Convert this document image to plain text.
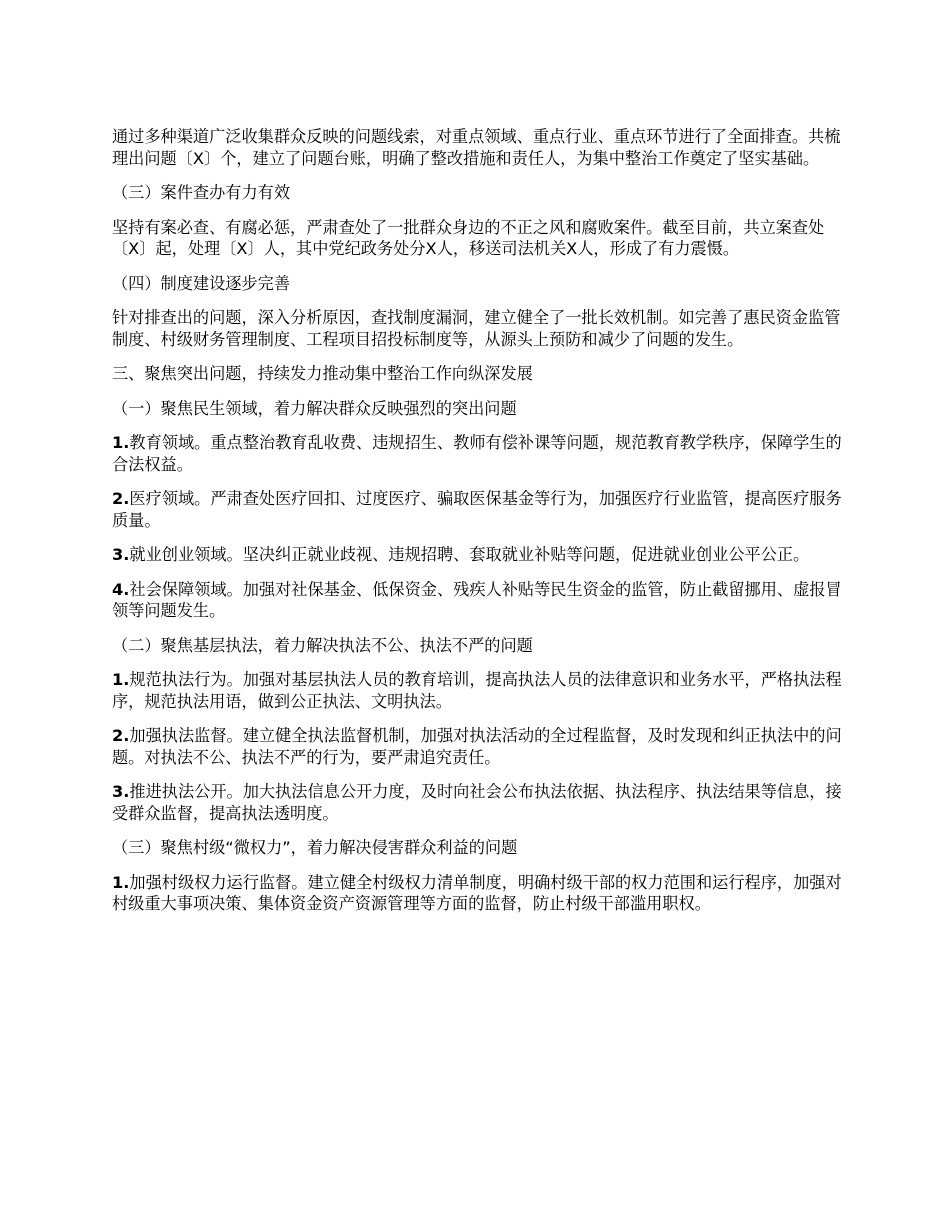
通过多种渠道广泛收集群众反映的问题线索，对重点领域、重点行业、重点环节进行了全面排查。共梳理出问题〔X〕个，建立了问题台账，明确了整改措施和责任人，为集中整治工作奠定了坚实基础。

（三）案件查办有力有效

坚持有案必查、有腐必惩，严肃查处了一批群众身边的不正之风和腐败案件。截至目前，共立案查处〔X〕起，处理〔X〕人，其中党纪政务处分X人，移送司法机关X人，形成了有力震慑。

（四）制度建设逐步完善

针对排查出的问题，深入分析原因，查找制度漏洞，建立健全了一批长效机制。如完善了惠民资金监管制度、村级财务管理制度、工程项目招投标制度等，从源头上预防和减少了问题的发生。

三、聚焦突出问题，持续发力推动集中整治工作向纵深发展

（一）聚焦民生领域，着力解决群众反映强烈的突出问题

1.教育领域。重点整治教育乱收费、违规招生、教师有偿补课等问题，规范教育教学秩序，保障学生的合法权益。

2.医疗领域。严肃查处医疗回扣、过度医疗、骗取医保基金等行为，加强医疗行业监管，提高医疗服务质量。

3.就业创业领域。坚决纠正就业歧视、违规招聘、套取就业补贴等问题，促进就业创业公平公正。

4.社会保障领域。加强对社保基金、低保资金、残疾人补贴等民生资金的监管，防止截留挪用、虚报冒领等问题发生。

（二）聚焦基层执法，着力解决执法不公、执法不严的问题

1.规范执法行为。加强对基层执法人员的教育培训，提高执法人员的法律意识和业务水平，严格执法程序，规范执法用语，做到公正执法、文明执法。

2.加强执法监督。建立健全执法监督机制，加强对执法活动的全过程监督，及时发现和纠正执法中的问题。对执法不公、执法不严的行为，要严肃追究责任。

3.推进执法公开。加大执法信息公开力度，及时向社会公布执法依据、执法程序、执法结果等信息，接受群众监督，提高执法透明度。

（三）聚焦村级“微权力”，着力解决侵害群众利益的问题

1.加强村级权力运行监督。建立健全村级权力清单制度，明确村级干部的权力范围和运行程序，加强对村级重大事项决策、集体资金资产资源管理等方面的监督，防止村级干部滥用职权。
